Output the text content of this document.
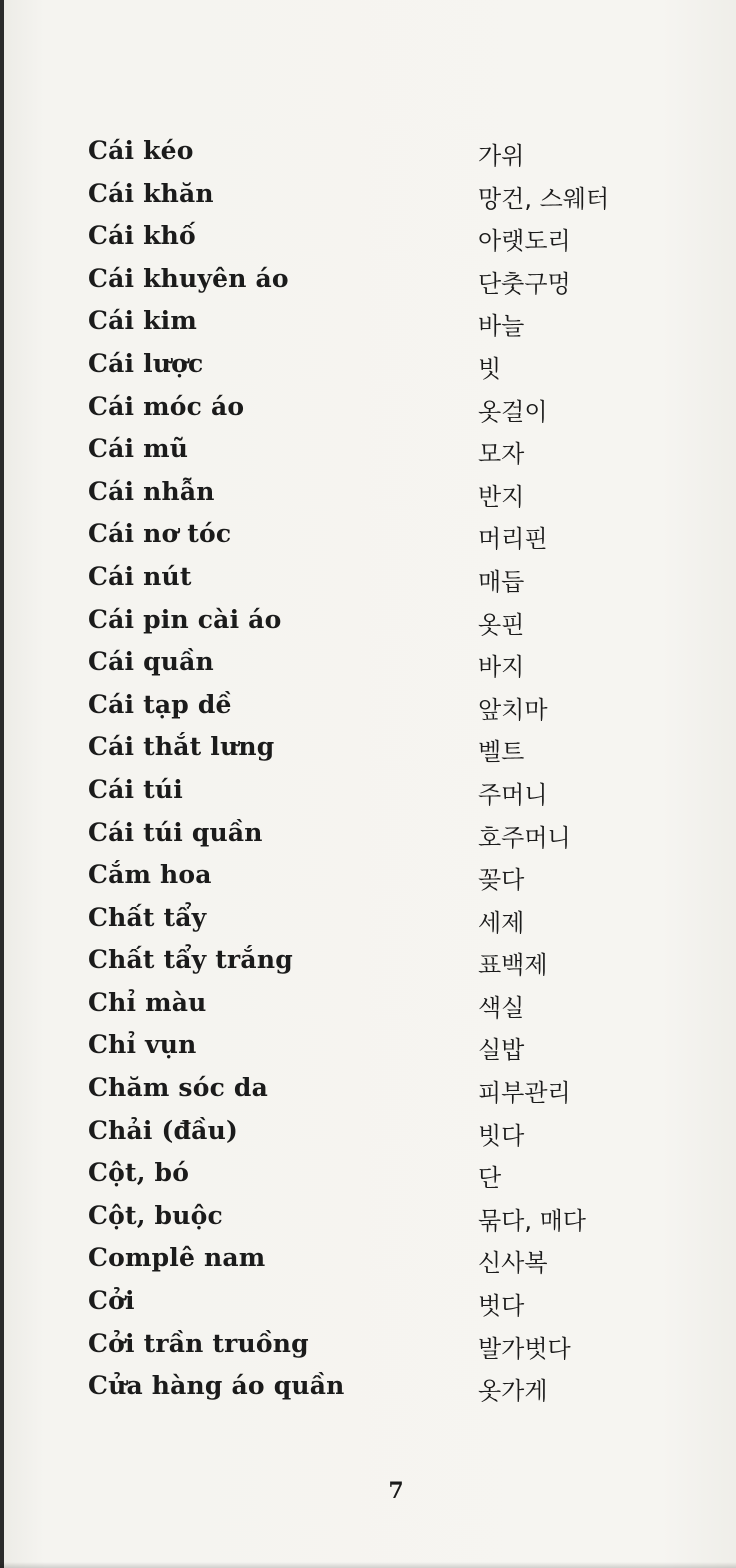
Cái kéo	가위
Cái khăn	망건, 스웨터
Cái khố	아랫도리
Cái khuyên áo	단춧구멍
Cái kim	바늘
Cái lược	빗
Cái móc áo	옷걸이
Cái mũ	모자
Cái nhẫn	반지
Cái nơ tóc	머리핀
Cái nút	매듭
Cái pin cài áo	옷핀
Cái quần	바지
Cái tạp dề	앞치마
Cái thắt lưng	벨트
Cái túi	주머니
Cái túi quần	호주머니
Cắm hoa	꽂다
Chất tẩy	세제
Chất tẩy trắng	표백제
Chỉ màu	색실
Chỉ vụn	실밥
Chăm sóc da	피부관리
Chải (đầu)	빗다
Cột, bó	단
Cột, buộc	묶다, 매다
Complê nam	신사복
Cởi	벗다
Cởi trần truồng	발가벗다
Cửa hàng áo quần	옷가게
7
